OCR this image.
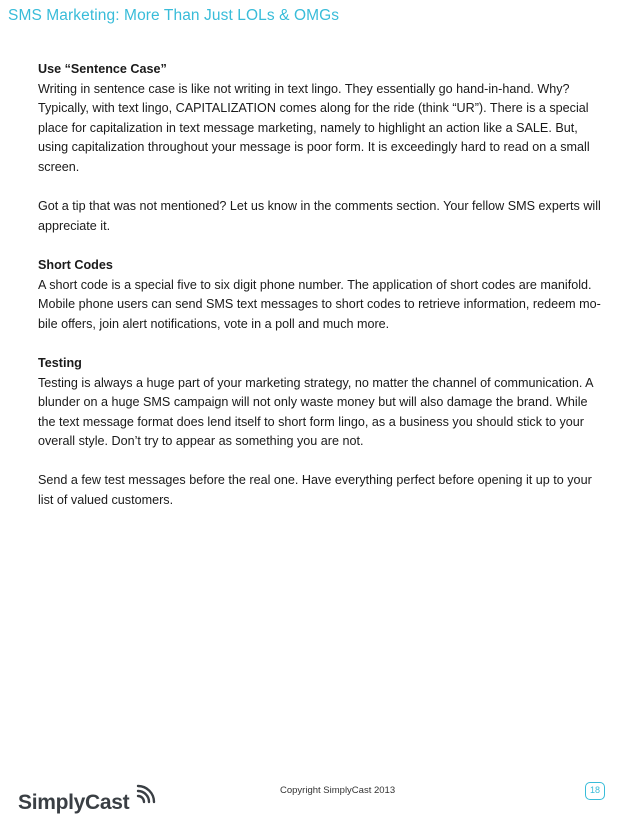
SMS Marketing: More Than Just LOLs & OMGs
Use “Sentence Case”
Writing in sentence case is like not writing in text lingo. They essentially go hand-in-hand. Why? Typically, with text lingo, CAPITALIZATION comes along for the ride (think “UR”). There is a special place for capitalization in text message marketing, namely to highlight an action like a SALE. But, using capitalization throughout your message is poor form. It is exceedingly hard to read on a small screen.
Got a tip that was not mentioned? Let us know in the comments section. Your fellow SMS experts will appreciate it.
Short Codes
A short code is a special five to six digit phone number. The application of short codes are manifold. Mobile phone users can send SMS text messages to short codes to retrieve information, redeem mo-bile offers, join alert notifications, vote in a poll and much more.
Testing
Testing is always a huge part of your marketing strategy, no matter the channel of communication. A blunder on a huge SMS campaign will not only waste money but will also damage the brand. While the text message format does lend itself to short form lingo, as a business you should stick to your overall style. Don’t try to appear as something you are not.
Send a few test messages before the real one. Have everything perfect before opening it up to your list of valued customers.
SimplyCast
Copyright SimplyCast 2013	18
